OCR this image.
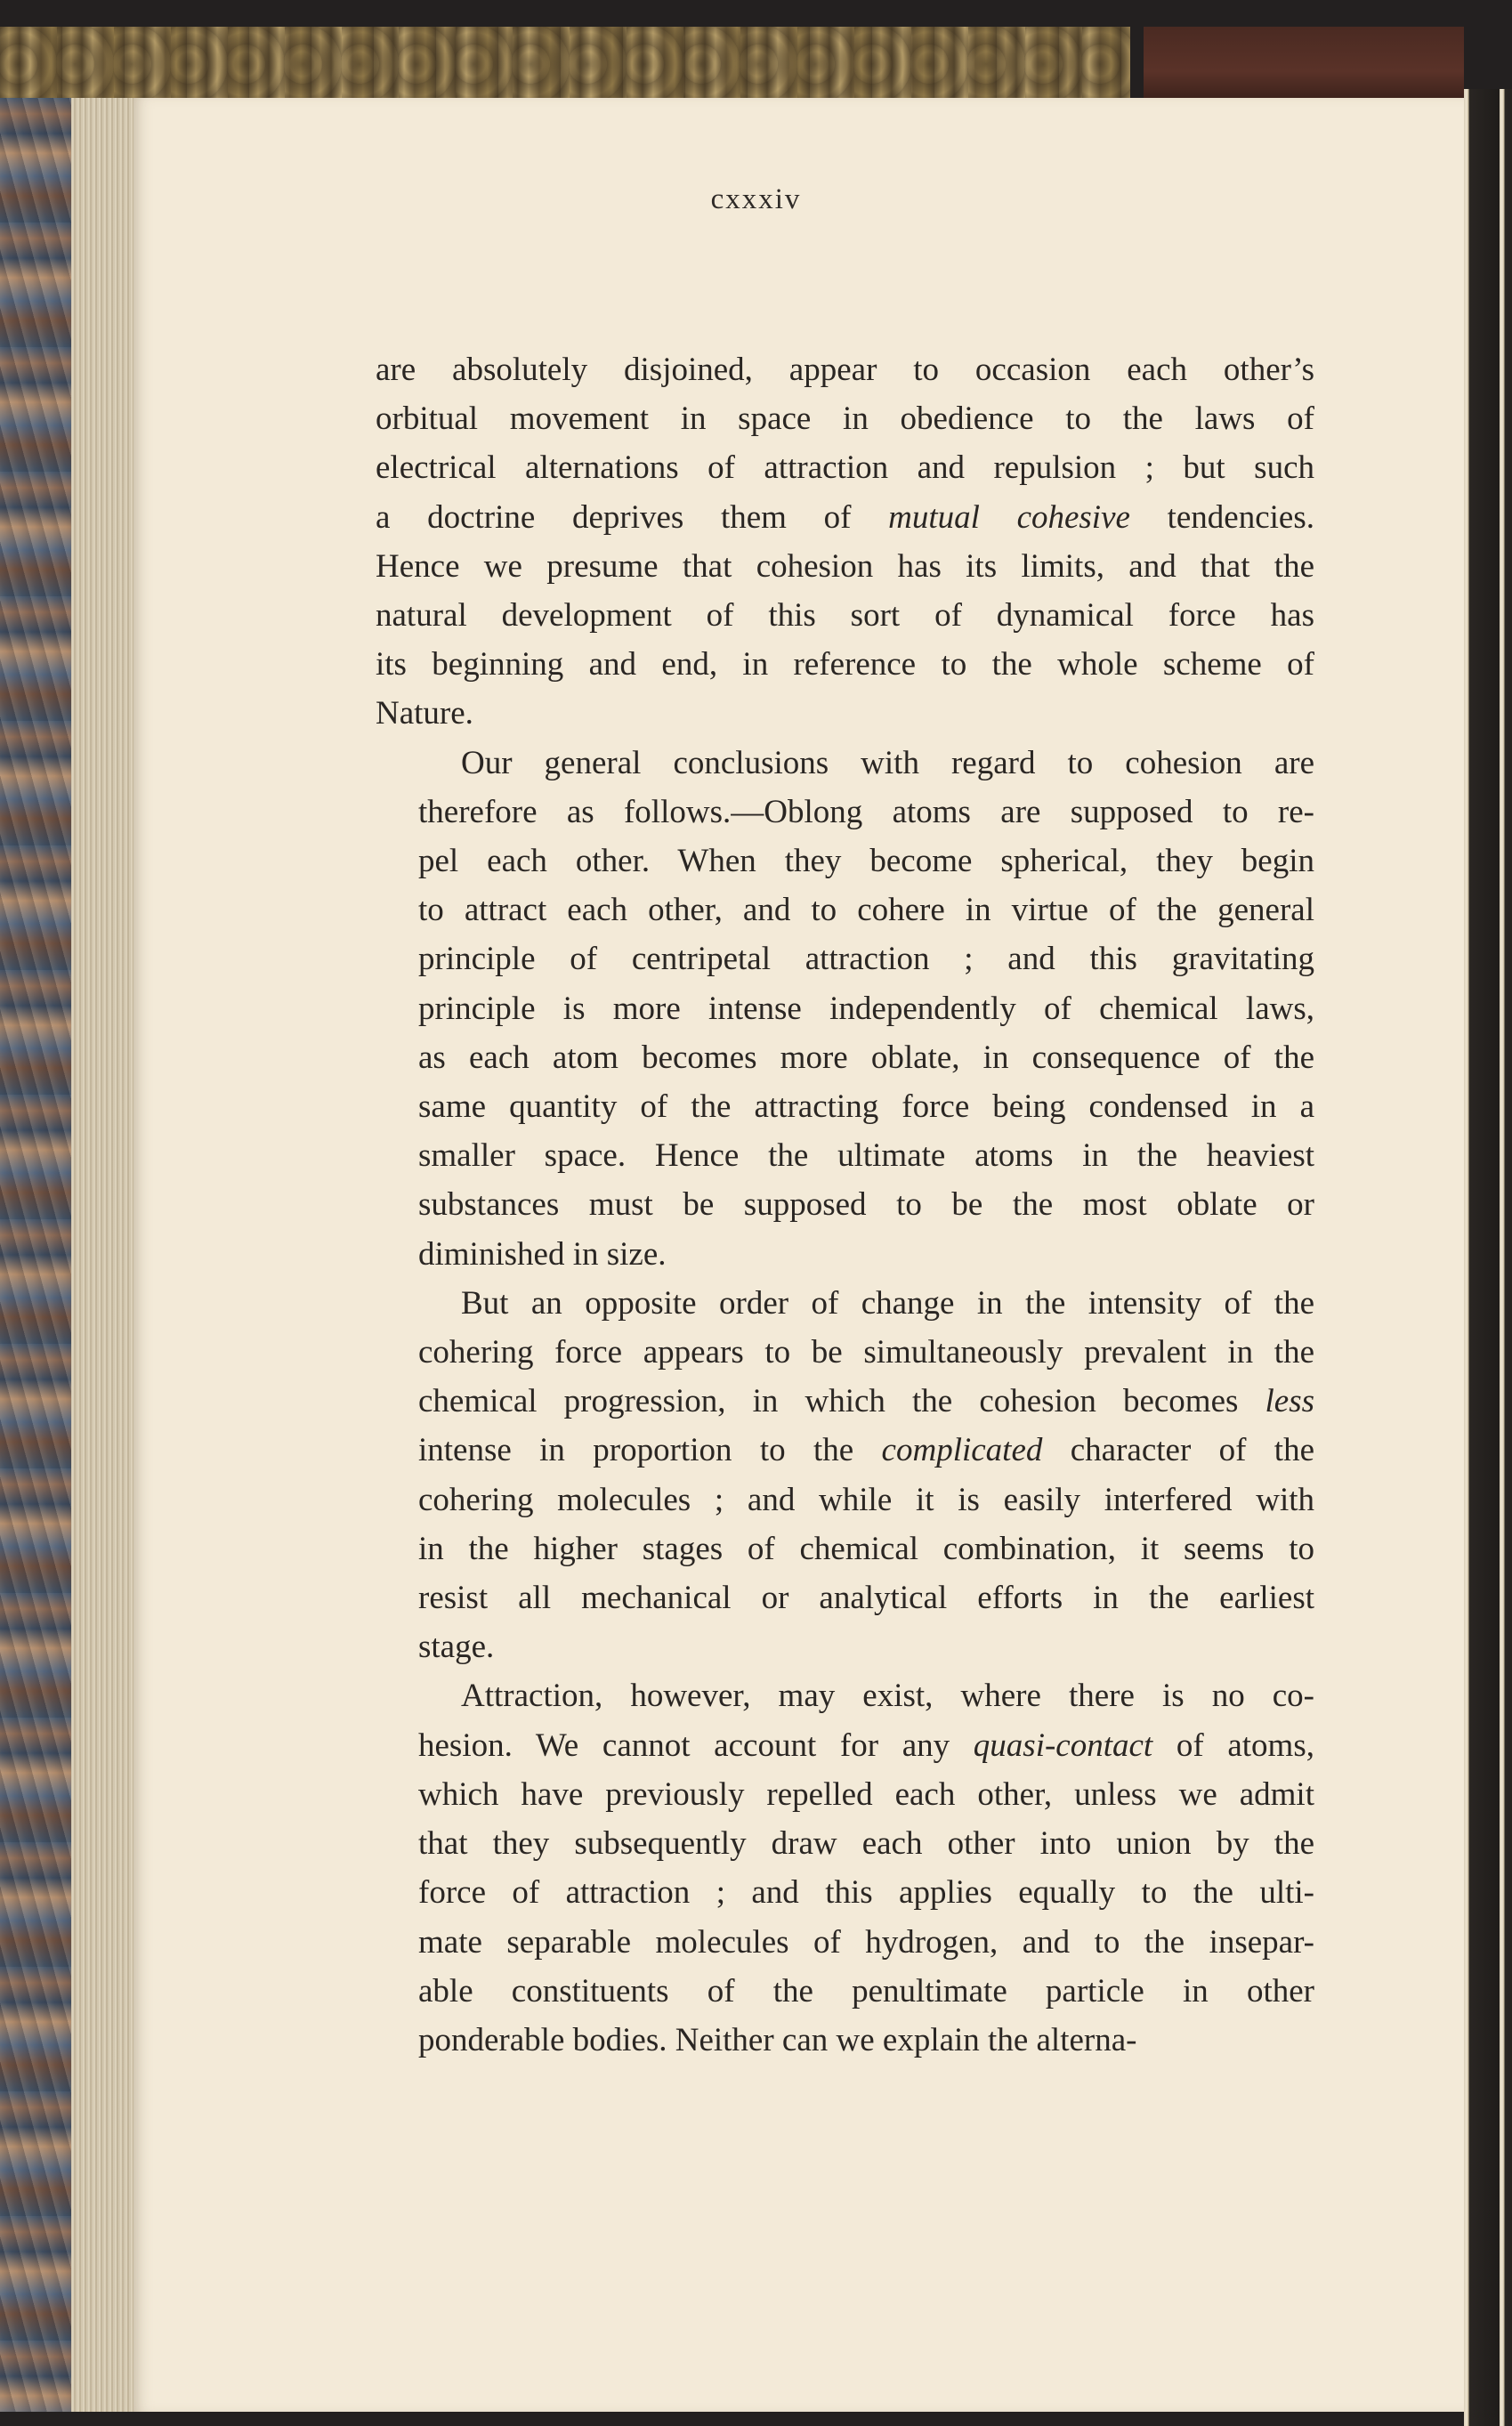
cxxxiv
are absolutely disjoined, appear to occasion each other’s
orbitual movement in space in obedience to the laws of
electrical alternations of attraction and repulsion ; but such
a doctrine deprives them of mutual cohesive tendencies.
Hence we presume that cohesion has its limits, and that the
natural development of this sort of dynamical force has
its beginning and end, in reference to the whole scheme of
Nature.
Our general conclusions with regard to cohesion are
therefore as follows.—Oblong atoms are supposed to re-
pel each other. When they become spherical, they begin
to attract each other, and to cohere in virtue of the general
principle of centripetal attraction ; and this gravitating
principle is more intense independently of chemical laws,
as each atom becomes more oblate, in consequence of the
same quantity of the attracting force being condensed in a
smaller space. Hence the ultimate atoms in the heaviest
substances must be supposed to be the most oblate or
diminished in size.
But an opposite order of change in the intensity of the
cohering force appears to be simultaneously prevalent in the
chemical progression, in which the cohesion becomes less
intense in proportion to the complicated character of the
cohering molecules ; and while it is easily interfered with
in the higher stages of chemical combination, it seems to
resist all mechanical or analytical efforts in the earliest
stage.
Attraction, however, may exist, where there is no co-
hesion. We cannot account for any quasi-contact of atoms,
which have previously repelled each other, unless we admit
that they subsequently draw each other into union by the
force of attraction ; and this applies equally to the ulti-
mate separable molecules of hydrogen, and to the insepar-
able constituents of the penultimate particle in other
ponderable bodies. Neither can we explain the alterna-
